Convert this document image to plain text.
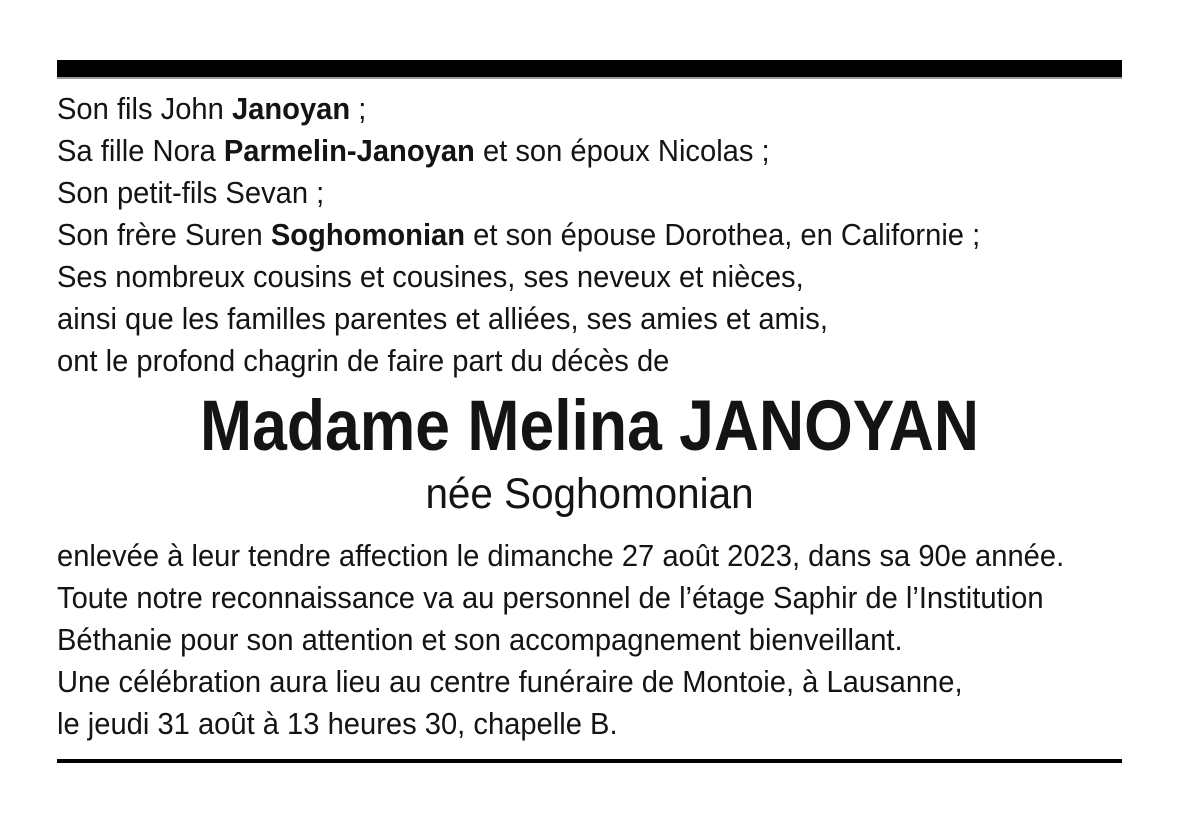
Son fils John Janoyan ;
Sa fille Nora Parmelin-Janoyan et son époux Nicolas ;
Son petit-fils Sevan ;
Son frère Suren Soghomonian et son épouse Dorothea, en Californie ;
Ses nombreux cousins et cousines, ses neveux et nièces,
ainsi que les familles parentes et alliées, ses amies et amis,
ont le profond chagrin de faire part du décès de
Madame Melina JANOYAN
née Soghomonian
enlevée à leur tendre affection le dimanche 27 août 2023, dans sa 90e année.
Toute notre reconnaissance va au personnel de l’étage Saphir de l’Institution
Béthanie pour son attention et son accompagnement bienveillant.
Une célébration aura lieu au centre funéraire de Montoie, à Lausanne,
le jeudi 31 août à 13 heures 30, chapelle B.
